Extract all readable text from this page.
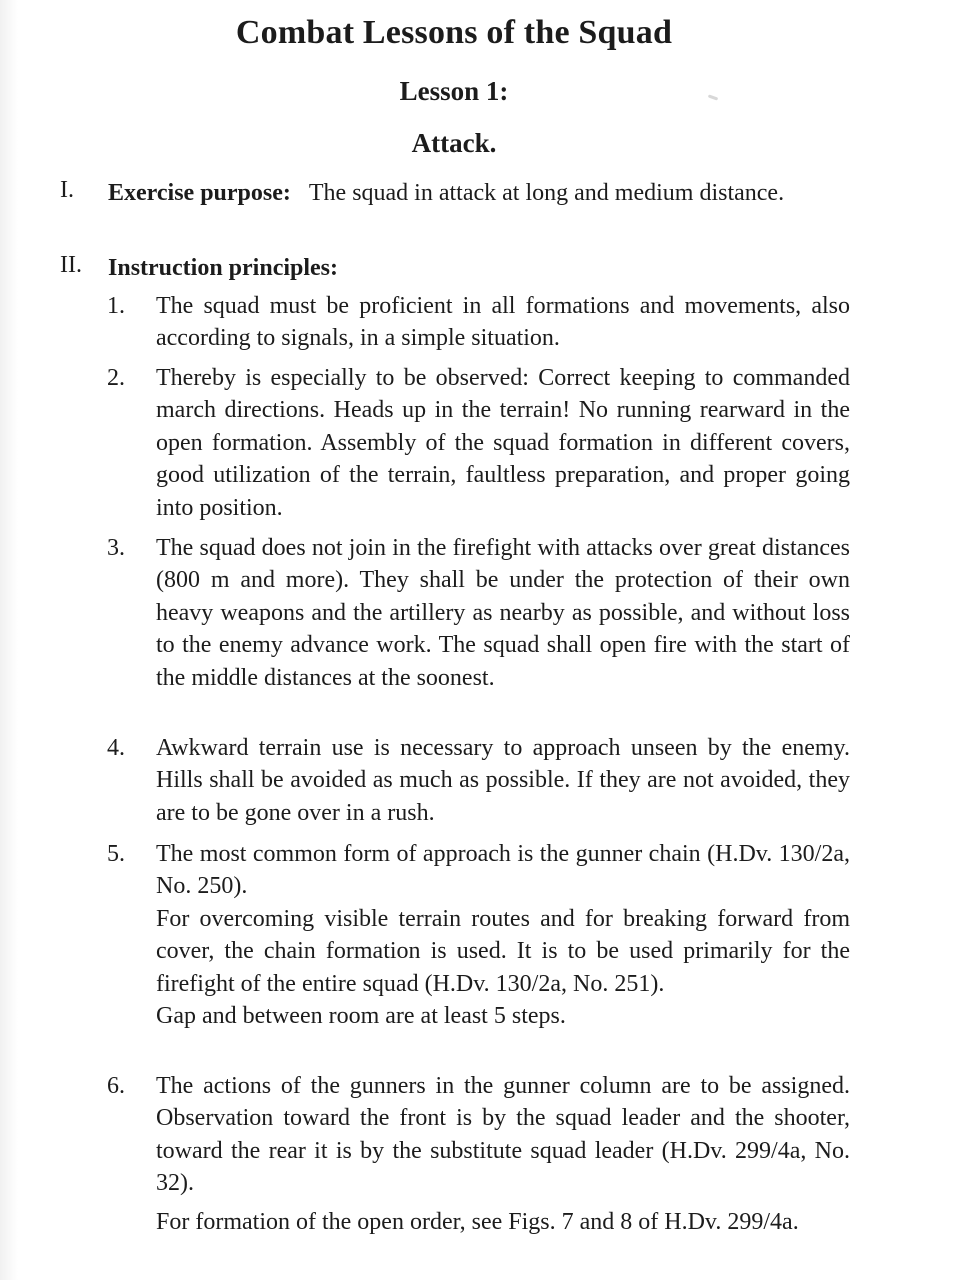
Combat Lessons of the Squad
Lesson 1:
Attack.
I. Exercise purpose: The squad in attack at long and medium distance.
II. Instruction principles:
1. The squad must be proficient in all formations and movements, also according to signals, in a simple situation.

2. Thereby is especially to be observed: Correct keeping to commanded march directions. Heads up in the terrain! No running rearward in the open formation. Assembly of the squad formation in different covers, good utilization of the terrain, faultless preparation, and proper going into position.

3. The squad does not join in the firefight with attacks over great distances (800 m and more). They shall be under the protection of their own heavy weapons and the artillery as nearby as possible, and without loss to the enemy advance work. The squad shall open fire with the start of the middle distances at the soonest.

4. Awkward terrain use is necessary to approach unseen by the enemy. Hills shall be avoided as much as possible. If they are not avoided, they are to be gone over in a rush.

5. The most common form of approach is the gunner chain (H.Dv. 130/2a, No. 250).

For overcoming visible terrain routes and for breaking forward from cover, the chain formation is used. It is to be used primarily for the firefight of the entire squad (H.Dv. 130/2a, No. 251).

Gap and between room are at least 5 steps.

6. The actions of the gunners in the gunner column are to be assigned. Observation toward the front is by the squad leader and the shooter, toward the rear it is by the substitute squad leader (H.Dv. 299/4a, No. 32).

For formation of the open order, see Figs. 7 and 8 of H.Dv. 299/4a.
